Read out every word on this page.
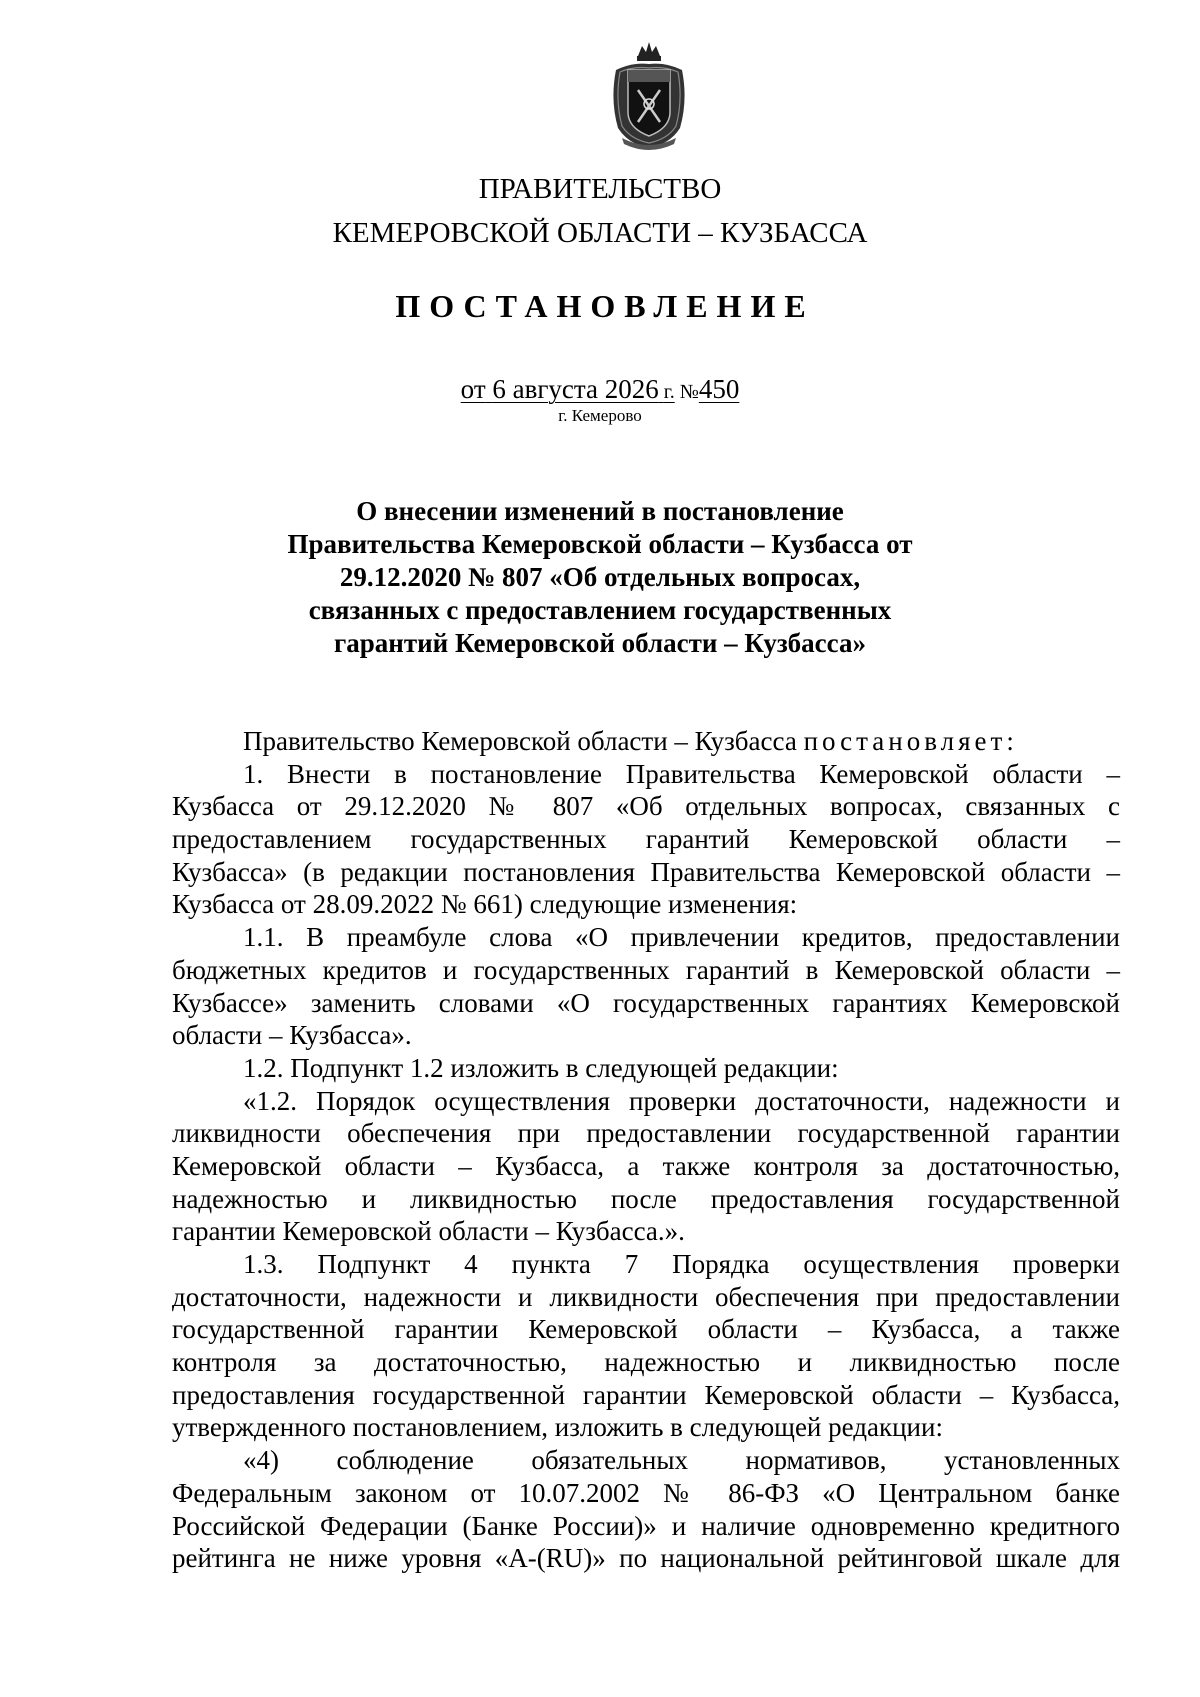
ПРАВИТЕЛЬСТВО
КЕМЕРОВСКОЙ ОБЛАСТИ – КУЗБАССА
ПОСТАНОВЛЕНИЕ
от 6 августа 2026 г. №450
г. Кемерово
О внесении изменений в постановление
Правительства Кемеровской области – Кузбасса от
29.12.2020 № 807 «Об отдельных вопросах,
связанных с предоставлением государственных
гарантий Кемеровской области – Кузбасса»
Правительство Кемеровской области – Кузбасса постановляет:
1. Внести в постановление Правительства Кемеровской области –
Кузбасса от 29.12.2020 № 807 «Об отдельных вопросах, связанных с
предоставлением государственных гарантий Кемеровской области –
Кузбасса» (в редакции постановления Правительства Кемеровской области –
Кузбасса от 28.09.2022 № 661) следующие изменения:
1.1. В преамбуле слова «О привлечении кредитов, предоставлении
бюджетных кредитов и государственных гарантий в Кемеровской области –
Кузбассе» заменить словами «О государственных гарантиях Кемеровской
области – Кузбасса».
1.2. Подпункт 1.2 изложить в следующей редакции:
«1.2. Порядок осуществления проверки достаточности, надежности и
ликвидности обеспечения при предоставлении государственной гарантии
Кемеровской области – Кузбасса, а также контроля за достаточностью,
надежностью и ликвидностью после предоставления государственной
гарантии Кемеровской области – Кузбасса.».
1.3. Подпункт 4 пункта 7 Порядка осуществления проверки
достаточности, надежности и ликвидности обеспечения при предоставлении
государственной гарантии Кемеровской области – Кузбасса, а также
контроля за достаточностью, надежностью и ликвидностью после
предоставления государственной гарантии Кемеровской области – Кузбасса,
утвержденного постановлением, изложить в следующей редакции:
«4) соблюдение обязательных нормативов, установленных
Федеральным законом от 10.07.2002 № 86-ФЗ «О Центральном банке
Российской Федерации (Банке России)» и наличие одновременно кредитного
рейтинга не ниже уровня «А-(RU)» по национальной рейтинговой шкале для
